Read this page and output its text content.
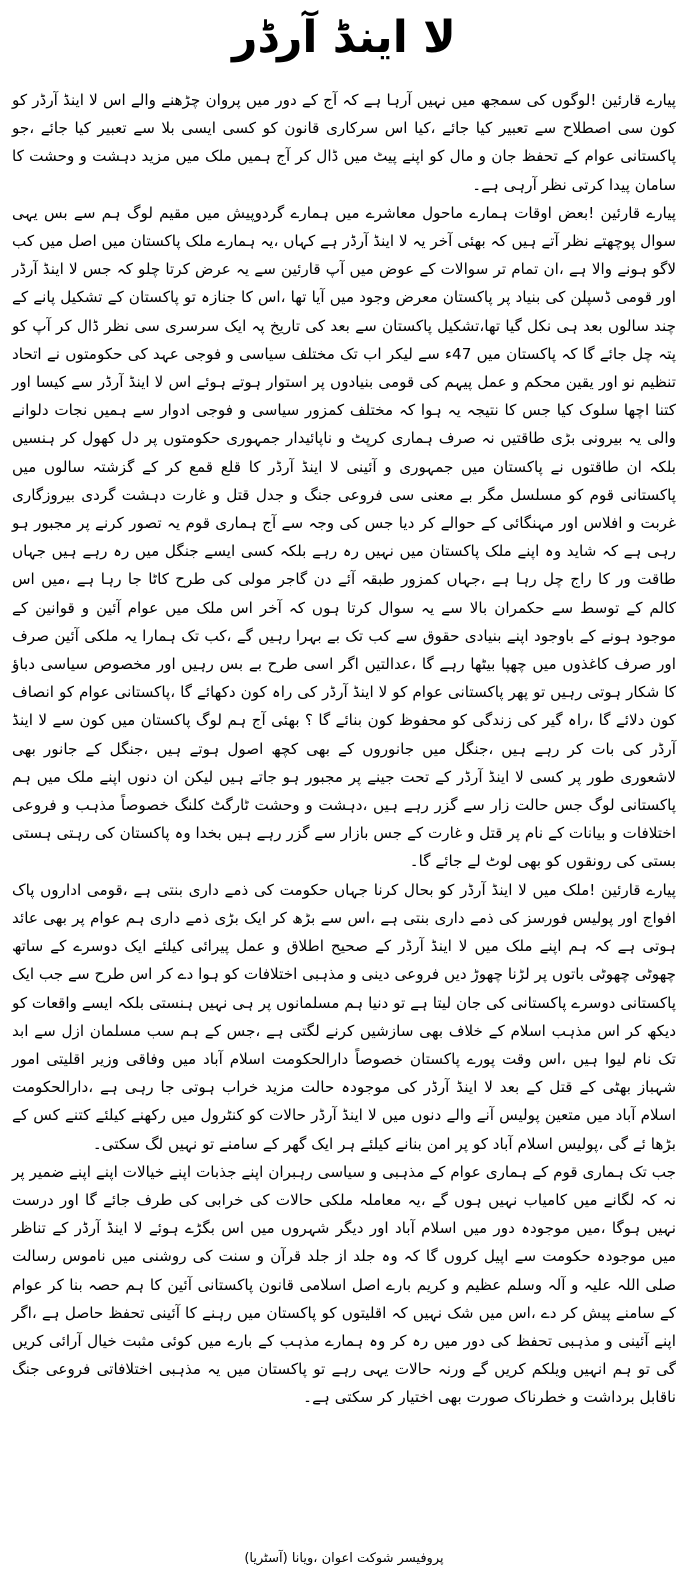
لا اینڈ آرڈر

پیارے قارئین !لوگوں کی سمجھ میں نہیں آرہا ہے کہ آج کے دور میں پروان چڑھنے والے اس لا اینڈ آرڈر کو کون سی اصطلاح سے تعبیر کیا جائے ،کیا اس سرکاری قانون کو کسی ایسی بلا سے تعبیر کیا جائے ،جو پاکستانی عوام کے تحفظ جان و مال کو اپنے پیٹ میں ڈال کر آج ہمیں ملک میں مزید دہشت و وحشت کا سامان پیدا کرتی نظر آرہی ہے۔

پیارے قارئین !بعض اوقات ہمارے ماحول معاشرے میں ہمارے گردوپیش میں مقیم لوگ ہم سے بس یہی سوال پوچھتے نظر آتے ہیں کہ بھئی آخر یہ لا اینڈ آرڈر ہے کہاں ،یہ ہمارے ملک پاکستان میں اصل میں کب لاگو ہونے والا ہے ،ان تمام تر سوالات کے عوض میں آپ قارئین سے یہ عرض کرتا چلو کہ جس لا اینڈ آرڈر اور قومی ڈسپلن کی بنیاد پر پاکستان معرض وجود میں آیا تھا ،اس کا جنازہ تو پاکستان کے تشکیل پانے کے چند سالوں بعد ہی نکل گیا تھا،تشکیل پاکستان سے بعد کی تاریخ پہ ایک سرسری سی نظر ڈال کر آپ کو پتہ چل جائے گا کہ پاکستان میں 47ء سے لیکر اب تک مختلف سیاسی و فوجی عہد کی حکومتوں نے اتحاد تنظیم نو اور یقین محکم و عمل پیہم کی قومی بنیادوں پر استوار ہوتے ہوئے اس لا اینڈ آرڈر سے کیسا اور کتنا اچھا سلوک کیا جس کا نتیجہ یہ ہوا کہ مختلف کمزور سیاسی و فوجی ادوار سے ہمیں نجات دلوانے والی یہ بیرونی بڑی طاقتیں نہ صرف ہماری کرپٹ و ناپائیدار جمہوری حکومتوں پر دل کھول کر ہنسیں بلکہ ان طاقتوں نے پاکستان میں جمہوری و آئینی لا اینڈ آرڈر کا قلع قمع کر کے گزشتہ سالوں میں پاکستانی قوم کو مسلسل مگر بے معنی سی فروعی جنگ و جدل قتل و غارت دہشت گردی بیروزگاری غربت و افلاس اور مہنگائی کے حوالے کر دیا جس کی وجہ سے آج ہماری قوم یہ تصور کرنے پر مجبور ہو رہی ہے کہ شاید وہ اپنے ملک پاکستان میں نہیں رہ رہے بلکہ کسی ایسے جنگل میں رہ رہے ہیں جہاں طاقت ور کا راج چل رہا ہے ،جہاں کمزور طبقہ آئے دن گاجر مولی کی طرح کاٹا جا رہا ہے ،میں اس کالم کے توسط سے حکمران بالا سے یہ سوال کرتا ہوں کہ آخر اس ملک میں عوام آئین و قوانین کے موجود ہونے کے باوجود اپنے بنیادی حقوق سے کب تک بے بہرا رہیں گے ،کب تک ہمارا یہ ملکی آئین صرف اور صرف کاغذوں میں چھپا بیٹھا رہے گا ،عدالتیں اگر اسی طرح بے بس رہیں اور مخصوص سیاسی دباؤ کا شکار ہوتی رہیں تو پھر پاکستانی عوام کو لا اینڈ آرڈر کی راہ کون دکھائے گا ،پاکستانی عوام کو انصاف کون دلائے گا ،راہ گیر کی زندگی کو محفوظ کون بنائے گا ؟ بھئی آج ہم لوگ پاکستان میں کون سے لا اینڈ آرڈر کی بات کر رہے ہیں ،جنگل میں جانوروں کے بھی کچھ اصول ہوتے ہیں ،جنگل کے جانور بھی لاشعوری طور پر کسی لا اینڈ آرڈر کے تحت جینے پر مجبور ہو جاتے ہیں لیکن ان دنوں اپنے ملک میں ہم پاکستانی لوگ جس حالت زار سے گزر رہے ہیں ،دہشت و وحشت ٹارگٹ کلنگ خصوصاً مذہب و فروعی اختلافات و بیانات کے نام پر قتل و غارت کے جس بازار سے گزر رہے ہیں بخدا وہ پاکستان کی رہتی ہستی بستی کی رونقوں کو بھی لوٹ لے جائے گا۔

پیارے قارئین !ملک میں لا اینڈ آرڈر کو بحال کرنا جہاں حکومت کی ذمے داری بنتی ہے ،قومی اداروں پاک افواج اور پولیس فورسز کی ذمے داری بنتی ہے ،اس سے بڑھ کر ایک بڑی ذمے داری ہم عوام پر بھی عائد ہوتی ہے کہ ہم اپنے ملک میں لا اینڈ آرڈر کے صحیح اطلاق و عمل پیرائی کیلئے ایک دوسرے کے ساتھ چھوٹی چھوٹی باتوں پر لڑنا چھوڑ دیں فروعی دینی و مذہبی اختلافات کو ہوا دے کر اس طرح سے جب ایک پاکستانی دوسرے پاکستانی کی جان لیتا ہے تو دنیا ہم مسلمانوں پر ہی نہیں ہنستی بلکہ ایسے واقعات کو دیکھ کر اس مذہب اسلام کے خلاف بھی سازشیں کرنے لگتی ہے ،جس کے ہم سب مسلمان ازل سے ابد تک نام لیوا ہیں ،اس وقت پورے پاکستان خصوصاً دارالحکومت اسلام آباد میں وفاقی وزیر اقلیتی امور شہباز بھٹی کے قتل کے بعد لا اینڈ آرڈر کی موجودہ حالت مزید خراب ہوتی جا رہی ہے ،دارالحکومت اسلام آباد میں متعین پولیس آنے والے دنوں میں لا اینڈ آرڈر حالات کو کنٹرول میں رکھنے کیلئے کتنے کس کے بڑھا ئے گی ،پولیس اسلام آباد کو پر امن بنانے کیلئے ہر ایک گھر کے سامنے تو نہیں لگ سکتی۔

جب تک ہماری قوم کے ہماری عوام کے مذہبی و سیاسی رہبران اپنے جذبات اپنے خیالات اپنے اپنے ضمیر پر نہ کہ لگانے میں کامیاب نہیں ہوں گے ،یہ معاملہ ملکی حالات کی خرابی کی طرف جائے گا اور درست نہیں ہوگا ،میں موجودہ دور میں اسلام آباد اور دیگر شہروں میں اس بگڑے ہوئے لا اینڈ آرڈر کے تناظر میں موجودہ حکومت سے اپیل کروں گا کہ وہ جلد از جلد قرآن و سنت کی روشنی میں ناموس رسالت صلی اللہ علیہ و آلہ وسلم عظیم و کریم بارے اصل اسلامی قانون پاکستانی آئین کا ہم حصہ بنا کر عوام کے سامنے پیش کر دے ،اس میں شک نہیں کہ اقلیتوں کو پاکستان میں رہنے کا آئینی تحفظ حاصل ہے ،اگر اپنے آئینی و مذہبی تحفظ کی دور میں رہ کر وہ ہمارے مذہب کے بارے میں کوئی مثبت خیال آرائی کریں گی تو ہم انہیں ویلکم کریں گے ورنہ حالات یہی رہے تو پاکستان میں یہ مذہبی اختلافاتی فروعی جنگ ناقابل برداشت و خطرناک صورت بھی اختیار کر سکتی ہے۔

پروفیسر شوکت اعوان ،ویانا (آسٹریا)
